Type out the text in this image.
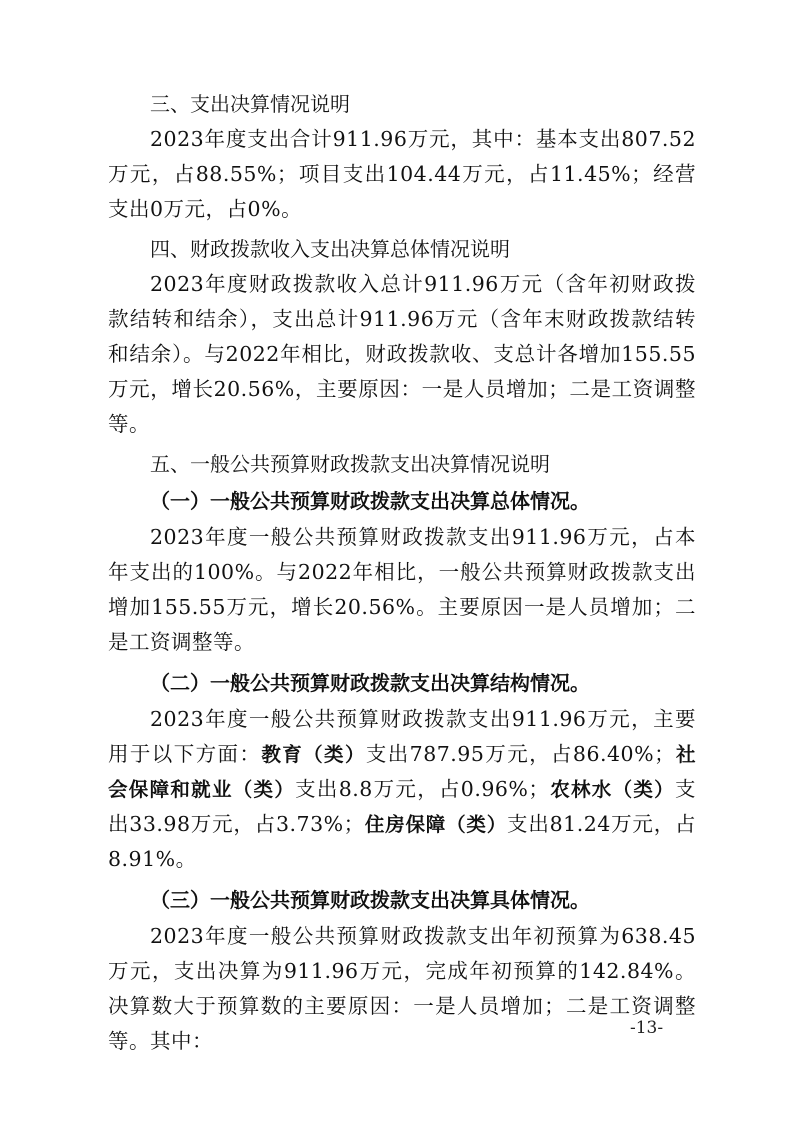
三、支出决算情况说明

2023年度支出合计911.96万元，其中：基本支出807.52万元，占88.55%；项目支出104.44万元，占11.45%；经营支出0万元，占0%。

四、财政拨款收入支出决算总体情况说明

2023年度财政拨款收入总计911.96万元（含年初财政拨款结转和结余），支出总计911.96万元（含年末财政拨款结转和结余）。与2022年相比，财政拨款收、支总计各增加155.55万元，增长20.56%，主要原因：一是人员增加；二是工资调整等。

五、一般公共预算财政拨款支出决算情况说明
（一）一般公共预算财政拨款支出决算总体情况。

2023年度一般公共预算财政拨款支出911.96万元，占本年支出的100%。与2022年相比，一般公共预算财政拨款支出增加155.55万元，增长20.56%。主要原因一是人员增加；二是工资调整等。

（二）一般公共预算财政拨款支出决算结构情况。

2023年度一般公共预算财政拨款支出911.96万元，主要用于以下方面：教育（类）支出787.95万元，占86.40%；社会保障和就业（类）支出8.8万元，占0.96%；农林水（类）支出33.98万元，占3.73%；住房保障（类）支出81.24万元，占8.91%。

（三）一般公共预算财政拨款支出决算具体情况。

2023年度一般公共预算财政拨款支出年初预算为638.45万元，支出决算为911.96万元，完成年初预算的142.84%。决算数大于预算数的主要原因：一是人员增加；二是工资调整等。其中：

-13-
